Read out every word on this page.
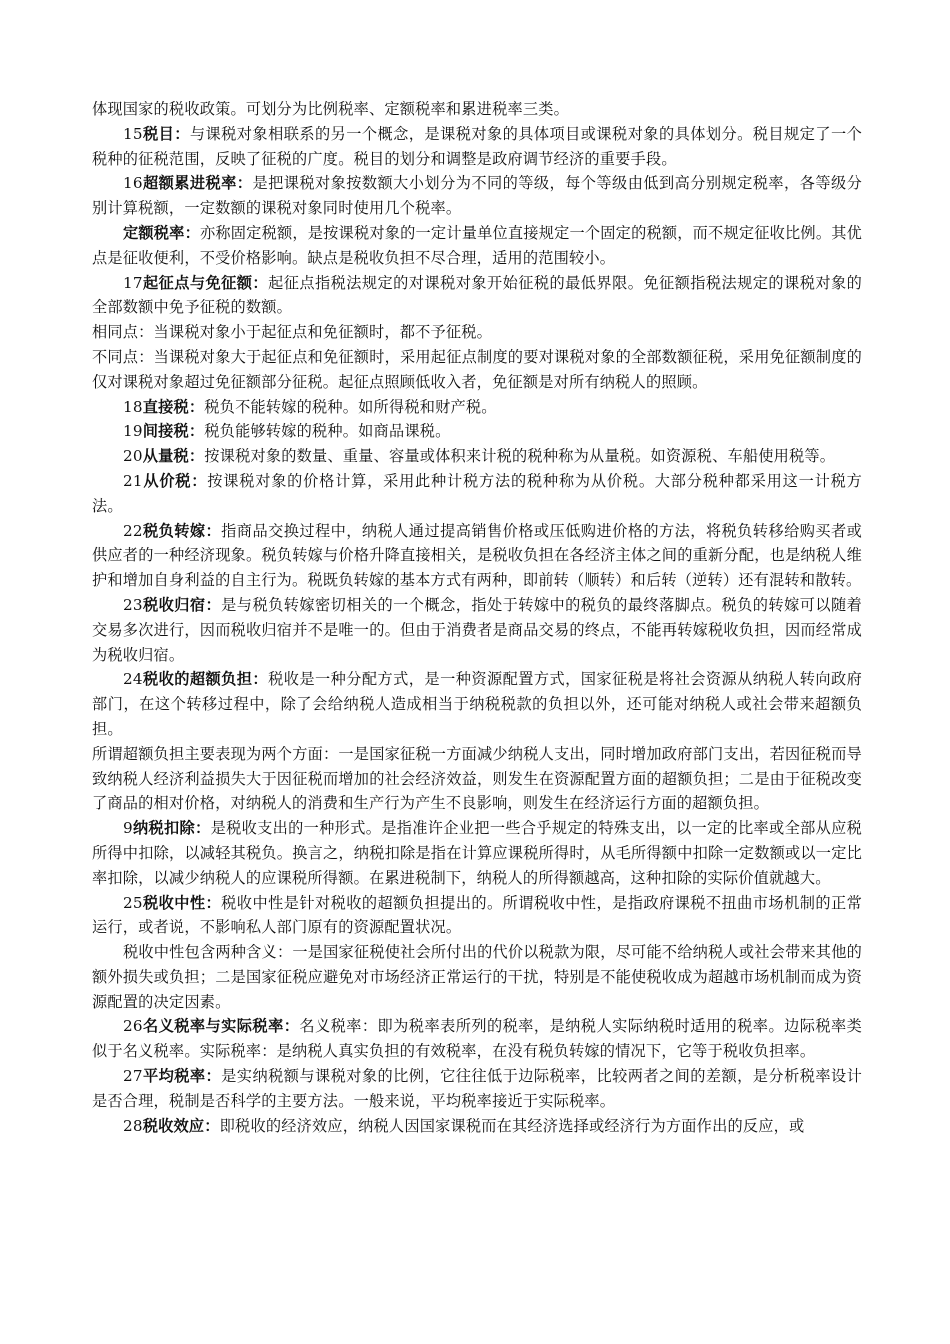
体现国家的税收政策。可划分为比例税率、定额税率和累进税率三类。

15税目：与课税对象相联系的另一个概念，是课税对象的具体项目或课税对象的具体划分。税目规定了一个税种的征税范围，反映了征税的广度。税目的划分和调整是政府调节经济的重要手段。

16超额累进税率：是把课税对象按数额大小划分为不同的等级，每个等级由低到高分别规定税率，各等级分别计算税额，一定数额的课税对象同时使用几个税率。

定额税率：亦称固定税额，是按课税对象的一定计量单位直接规定一个固定的税额，而不规定征收比例。其优点是征收便利，不受价格影响。缺点是税收负担不尽合理，适用的范围较小。

17起征点与免征额：起征点指税法规定的对课税对象开始征税的最低界限。免征额指税法规定的课税对象的全部数额中免予征税的数额。

相同点：当课税对象小于起征点和免征额时，都不予征税。

不同点：当课税对象大于起征点和免征额时，采用起征点制度的要对课税对象的全部数额征税，采用免征额制度的仅对课税对象超过免征额部分征税。起征点照顾低收入者，免征额是对所有纳税人的照顾。

18直接税：税负不能转嫁的税种。如所得税和财产税。

19间接税：税负能够转嫁的税种。如商品课税。

20从量税：按课税对象的数量、重量、容量或体积来计税的税种称为从量税。如资源税、车船使用税等。

21从价税：按课税对象的价格计算，采用此种计税方法的税种称为从价税。大部分税种都采用这一计税方法。

22税负转嫁：指商品交换过程中，纳税人通过提高销售价格或压低购进价格的方法，将税负转移给购买者或供应者的一种经济现象。税负转嫁与价格升降直接相关，是税收负担在各经济主体之间的重新分配，也是纳税人维护和增加自身利益的自主行为。税既负转嫁的基本方式有两种，即前转（顺转）和后转（逆转）还有混转和散转。

23税收归宿：是与税负转嫁密切相关的一个概念，指处于转嫁中的税负的最终落脚点。税负的转嫁可以随着交易多次进行，因而税收归宿并不是唯一的。但由于消费者是商品交易的终点，不能再转嫁税收负担，因而经常成为税收归宿。

24税收的超额负担：税收是一种分配方式，是一种资源配置方式，国家征税是将社会资源从纳税人转向政府部门，在这个转移过程中，除了会给纳税人造成相当于纳税税款的负担以外，还可能对纳税人或社会带来超额负担。

所谓超额负担主要表现为两个方面：一是国家征税一方面减少纳税人支出，同时增加政府部门支出，若因征税而导致纳税人经济利益损失大于因征税而增加的社会经济效益，则发生在资源配置方面的超额负担；二是由于征税改变了商品的相对价格，对纳税人的消费和生产行为产生不良影响，则发生在经济运行方面的超额负担。

9纳税扣除：是税收支出的一种形式。是指准许企业把一些合乎规定的特殊支出，以一定的比率或全部从应税所得中扣除，以减轻其税负。换言之，纳税扣除是指在计算应课税所得时，从毛所得额中扣除一定数额或以一定比率扣除，以减少纳税人的应课税所得额。在累进税制下，纳税人的所得额越高，这种扣除的实际价值就越大。

25税收中性：税收中性是针对税收的超额负担提出的。所谓税收中性，是指政府课税不扭曲市场机制的正常运行，或者说，不影响私人部门原有的资源配置状况。

税收中性包含两种含义：一是国家征税使社会所付出的代价以税款为限，尽可能不给纳税人或社会带来其他的额外损失或负担；二是国家征税应避免对市场经济正常运行的干扰，特别是不能使税收成为超越市场机制而成为资源配置的决定因素。

26名义税率与实际税率：名义税率：即为税率表所列的税率，是纳税人实际纳税时适用的税率。边际税率类似于名义税率。实际税率：是纳税人真实负担的有效税率，在没有税负转嫁的情况下，它等于税收负担率。

27平均税率：是实纳税额与课税对象的比例，它往往低于边际税率，比较两者之间的差额，是分析税率设计是否合理，税制是否科学的主要方法。一般来说，平均税率接近于实际税率。

28税收效应：即税收的经济效应，纳税人因国家课税而在其经济选择或经济行为方面作出的反应，或
